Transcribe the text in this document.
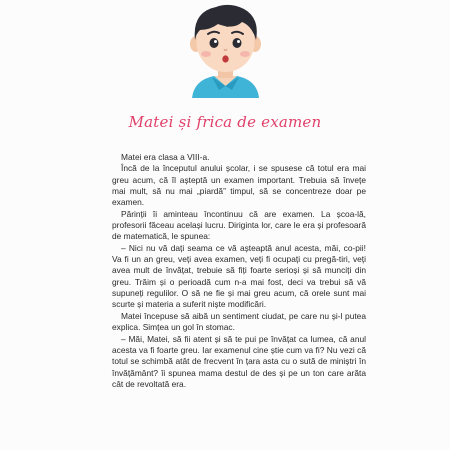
Matei și frica de examen

Matei era clasa a VIII-a.

Încă de la începutul anului școlar, i se spusese că totul era mai greu acum, că îl așteptă un examen important. Trebuia să învețe mai mult, să nu mai „piardă” timpul, să se concentreze doar pe examen.

Părinții îi aminteau încontinuu că are examen. La școa-lă, profesorii făceau același lucru. Diriginta lor, care le era și profesoară de matematică, le spunea:

– Nici nu vă dați seama ce vă așteaptă anul acesta, măi, co-pii! Va fi un an greu, veți avea examen, veți fi ocupați cu pregă-tiri, veți avea mult de învățat, trebuie să fiți foarte serioși și să munciți din greu. Trăim și o perioadă cum n-a mai fost, deci va trebui să vă supuneți regulilor. O să ne fie și mai greu acum, că orele sunt mai scurte și materia a suferit niște modificări.

Matei începuse să aibă un sentiment ciudat, pe care nu și-l putea explica. Simțea un gol în stomac.

– Măi, Matei, să fii atent și să te pui pe învățat ca lumea, că anul acesta va fi foarte greu. Iar examenul cine știe cum va fi? Nu vezi că totul se schimbă atât de frecvent în țara asta cu o sută de miniștri în învățământ? îi spunea mama destul de des și pe un ton care arăta cât de revoltată era.
